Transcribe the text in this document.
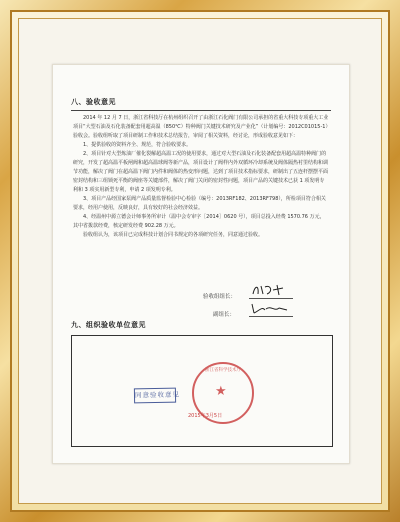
八、验收意见

2014 年 12 月 7 日，浙江省科技厅在杭州组织召开了由浙江石化阀门有限公司承担的省重大科技专项重大工业项目“大型石油及石化装备配套用超高温（850℃）特种阀门关键技术研究及产业化”（计划编号：2012C01015-1）验收会。验收组听取了项目研制工作和技术总结报告，审阅了相关资料，经讨论，形成验收意见如下：

1、提供验收的资料齐全、规范，符合验收要求。

2、项目针对大型炼油厂催化裂解超高温工况的使用要求，通过对大型石油及石化装备配套用超高温特种阀门的研究，开发了超高温平板闸阀和超高温球阀等新产品，项目设计了阀样内外双循环冷却系统及阀体隔热衬里结构和调节功能，解决了阀门在超高温下阀门内件和阀体的热变形问题，达到了项目技术指标要求，研制出了五连杆摆摆平面密封结构和三组锁死平衡的阀座等关键部件，解决了阀门关闭的密封性问题，项目产品的关键技术已获 1 项发明专利和 3 项实用新型专利，申请 2 项发明专利。

3、项目产品经国家泵阀产品质量监督检验中心检验（编号：2013RF182、2013RF798），所检项目符合相关要求，经用户使用，反映良好，具有较好的社会经济效益。

4、经温州中源立德会计师事务所审计（温中会专审字［2014］0620 号），项目总投入经费 1570.76 万元，其中省拨款经费，核定研发经费 902.28 万元。

验收组认为，该项目已完成科技计划合同书规定的各项研究任务，同意通过验收。

验收组组长：
副组长：
九、组织验收单位意见
同意验收意见
浙江省科学技术厅
★
2015年3月5日
